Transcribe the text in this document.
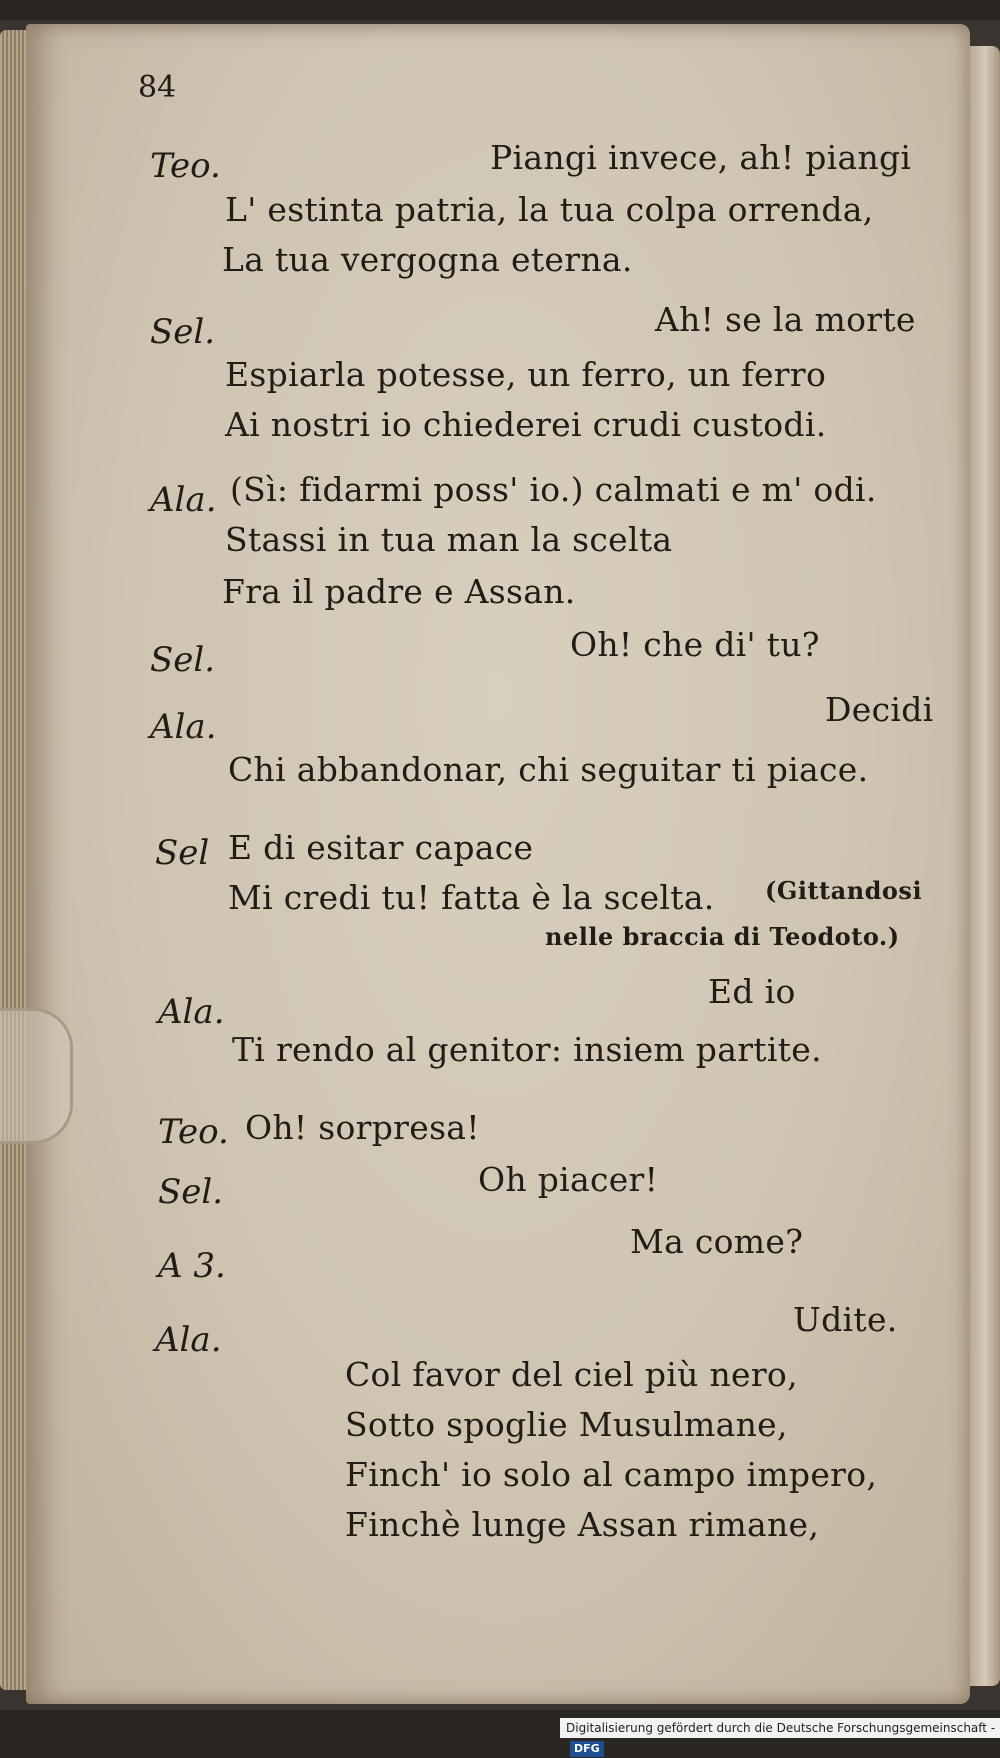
84
Teo.
Sel.
Ala.
Sel.
Ala.
Sel
Ala.
Teo.
Sel.
A 3.
Ala.
Piangi invece, ah! piangi
L' estinta patria, la tua colpa orrenda,
La tua vergogna eterna.
Ah! se la morte
Espiarla potesse, un ferro, un ferro
Ai nostri io chiederei crudi custodi.
(Sì: fidarmi poss' io.) calmati e m' odi.
Stassi in tua man la scelta
Fra il padre e Assan.
Oh! che di' tu?
Decidi
Chi abbandonar, chi seguitar ti piace.
E di esitar capace
Mi credi tu! fatta è la scelta. (Gittandosi
nelle braccia di Teodoto.)
Ed io
Ti rendo al genitor: insiem partite.
Oh! sorpresa!
Oh piacer!
Ma come?
Udite.
Col favor del ciel più nero,
Sotto spoglie Musulmane,
Finch' io solo al campo impero,
Finchè lunge Assan rimane,
Digitalisierung gefördert durch die Deutsche Forschungsgemeinschaft -DFG
